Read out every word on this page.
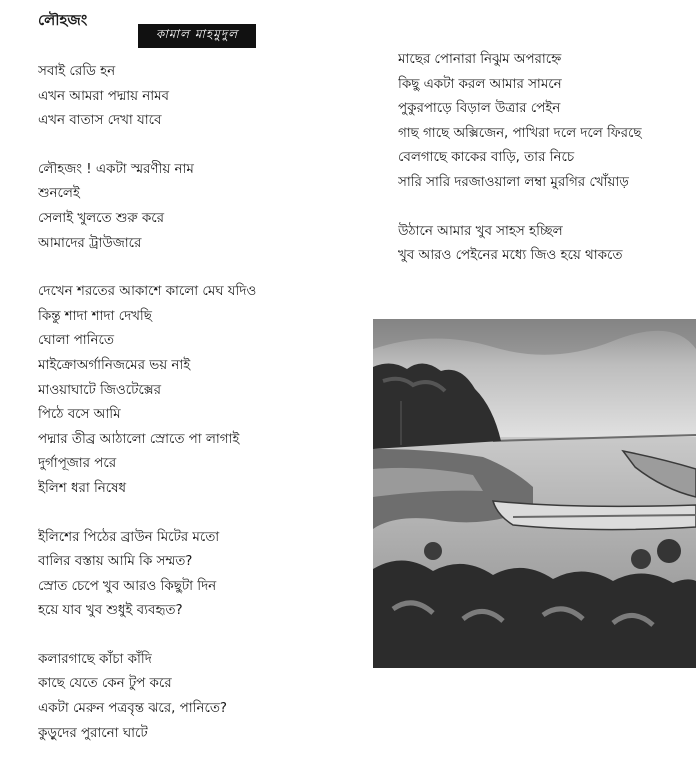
লৌহজং
কামাল মাহমুদুল

সবাই রেডি হন
এখন আমরা পদ্মায় নামব
এখন বাতাস দেখা যাবে

লৌহজং ! একটা স্মরণীয় নাম
শুনলেই
সেলাই খুলতে শুরু করে
আমাদের ট্রাউজারে

দেখেন শরতের আকাশে কালো মেঘ যদিও
কিন্তু শাদা শাদা দেখছি
ঘোলা পানিতে
মাইক্রোঅর্গানিজমের ভয় নাই
মাওয়াঘাটে জিওটেক্সের
পিঠে বসে আমি
পদ্মার তীব্র আঠালো স্রোতে পা লাগাই
দুর্গাপূজার পরে
ইলিশ ধরা নিষেধ

ইলিশের পিঠের ব্রাউন মিটের মতো
বালির বস্তায় আমি কি সম্মত?
স্রোত চেপে খুব আরও কিছুটা দিন
হয়ে যাব খুব শুধুই ব্যবহৃত?

কলারগাছে কাঁচা কাঁদি
কাছে যেতে কেন টুপ করে
একটা মেরুন পত্রবৃন্ত ঝরে, পানিতে?
কুড়ুদের পুরানো ঘাটে

মাছের পোনারা নিঝুম অপরাহ্নে
কিছু একটা করল আমার সামনে
পুকুরপাড়ে বিড়াল উত্রার পেইন
গাছ গাছে অক্সিজেন, পাখিরা দলে দলে ফিরছে
বেলগাছে কাকের বাড়ি, তার নিচে
সারি সারি দরজাওয়ালা লম্বা মুরগির খোঁয়াড়

উঠানে আমার খুব সাহস হচ্ছিল
খুব আরও পেইনের মধ্যে জিও হয়ে থাকতে
